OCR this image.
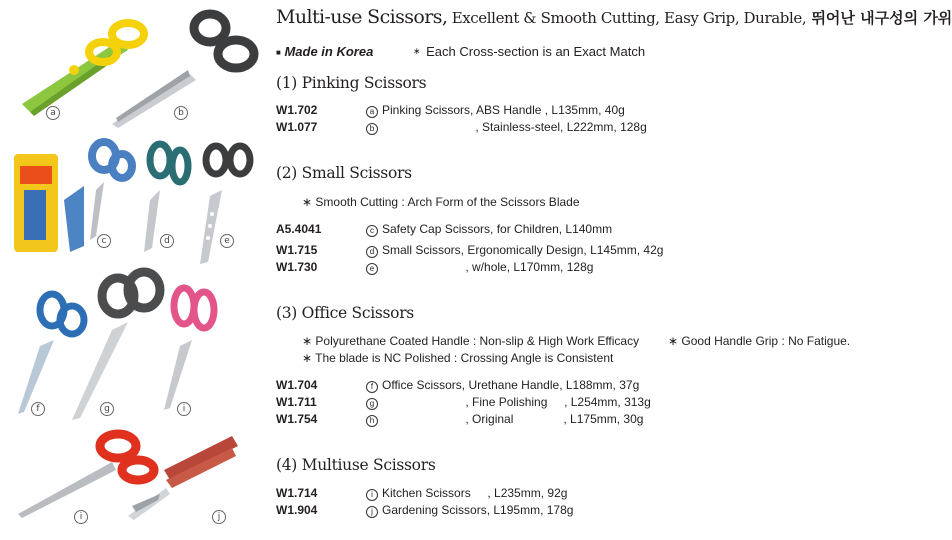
a	b
c	d	e
f	g	i
i	j
Multi-use Scissors, Excellent & Smooth Cutting, Easy Grip, Durable, 뛰어난 내구성의 가위
■ Made in Korea	∗ Each Cross-section is an Exact Match
(1) Pinking Scissors
W1.702	a Pinking Scissors, ABS Handle , L135mm, 40g
W1.077	b                            , Stainless-steel, L222mm, 128g
(2) Small Scissors
∗ Smooth Cutting : Arch Form of the Scissors Blade
A5.4041	c Safety Cap Scissors, for Children, L140mm
W1.715	d Small Scissors, Ergonomically Design, L145mm, 42g
W1.730	e                         , w/hole, L170mm, 128g
(3) Office Scissors
∗ Polyurethane Coated Handle : Non-slip & High Work Efficacy ∗ Good Handle Grip : No Fatigue.
∗ The blade is NC Polished : Crossing Angle is Consistent
W1.704	f Office Scissors, Urethane Handle, L188mm, 37g
W1.711	g                         , Fine Polishing     , L254mm, 313g
W1.754	h                         , Original               , L175mm, 30g
(4) Multiuse Scissors
W1.714	i Kitchen Scissors     , L235mm, 92g
W1.904	j Gardening Scissors, L195mm, 178g
